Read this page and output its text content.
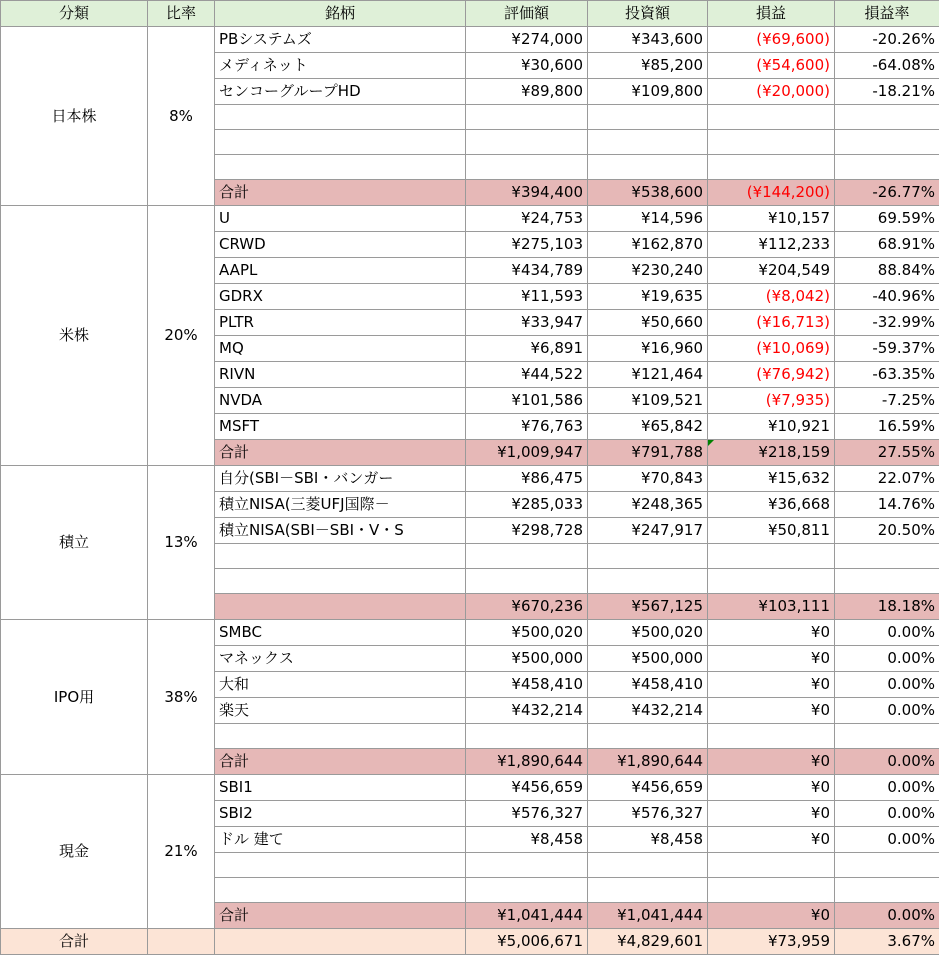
分類	比率	銘柄	評価額	投資額	損益	損益率
日本株	8%	PBシステムズ	¥274,000	¥343,600	(¥69,600)	-20.26%
		メディネット	¥30,600	¥85,200	(¥54,600)	-64.08%
		センコーグループHD	¥89,800	¥109,800	(¥20,000)	-18.21%

		合計	¥394,400	¥538,600	(¥144,200)	-26.77%
米株	20%	U	¥24,753	¥14,596	¥10,157	69.59%
		CRWD	¥275,103	¥162,870	¥112,233	68.91%
		AAPL	¥434,789	¥230,240	¥204,549	88.84%
		GDRX	¥11,593	¥19,635	(¥8,042)	-40.96%
		PLTR	¥33,947	¥50,660	(¥16,713)	-32.99%
		MQ	¥6,891	¥16,960	(¥10,069)	-59.37%
		RIVN	¥44,522	¥121,464	(¥76,942)	-63.35%
		NVDA	¥101,586	¥109,521	(¥7,935)	-7.25%
		MSFT	¥76,763	¥65,842	¥10,921	16.59%
		合計	¥1,009,947	¥791,788	¥218,159	27.55%
積立	13%	自分(SBI－SBI・バンガー	¥86,475	¥70,843	¥15,632	22.07%
		積立NISA(三菱UFJ国際－	¥285,033	¥248,365	¥36,668	14.76%
		積立NISA(SBI－SBI・V・S	¥298,728	¥247,917	¥50,811	20.50%

			¥670,236	¥567,125	¥103,111	18.18%
IPO用	38%	SMBC	¥500,020	¥500,020	¥0	0.00%
		マネックス	¥500,000	¥500,000	¥0	0.00%
		大和	¥458,410	¥458,410	¥0	0.00%
		楽天	¥432,214	¥432,214	¥0	0.00%

		合計	¥1,890,644	¥1,890,644	¥0	0.00%
現金	21%	SBI1	¥456,659	¥456,659	¥0	0.00%
		SBI2	¥576,327	¥576,327	¥0	0.00%
		ドル 建て	¥8,458	¥8,458	¥0	0.00%

		合計	¥1,041,444	¥1,041,444	¥0	0.00%
合計			¥5,006,671	¥4,829,601	¥73,959	3.67%
